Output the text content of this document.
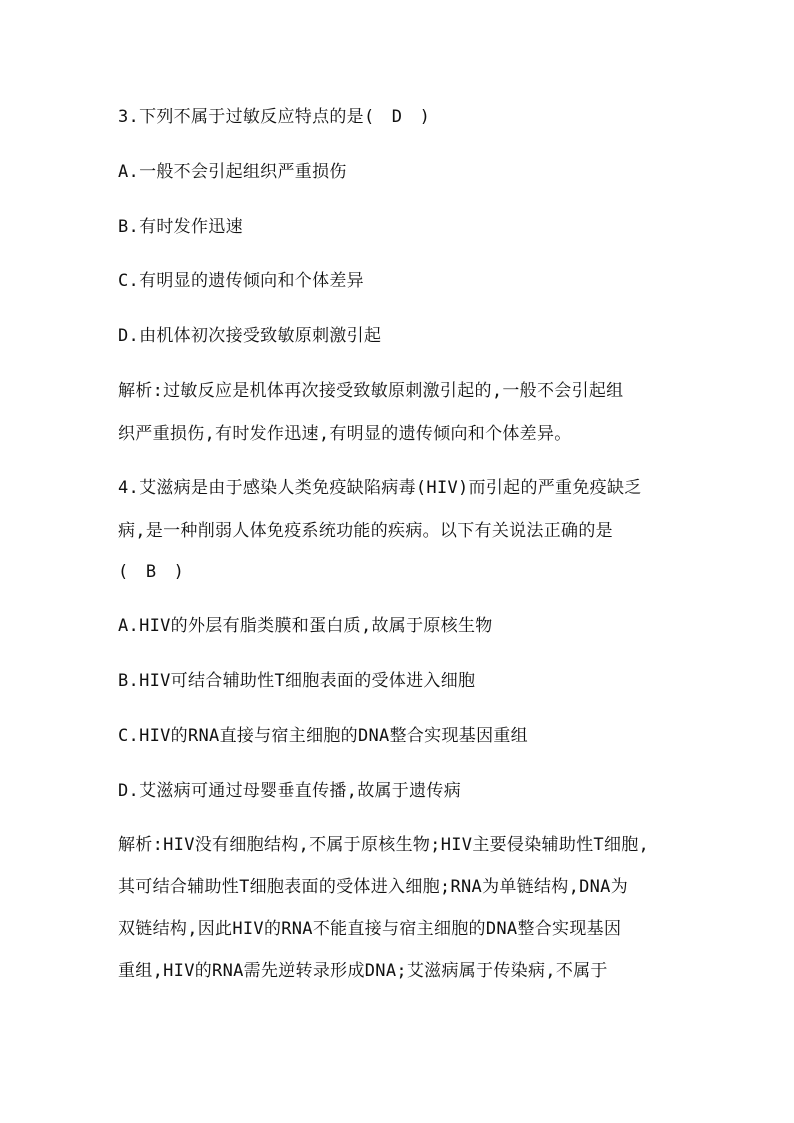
3.下列不属于过敏反应特点的是(　D　)
A.一般不会引起组织严重损伤
B.有时发作迅速
C.有明显的遗传倾向和个体差异
D.由机体初次接受致敏原刺激引起
解析:过敏反应是机体再次接受致敏原刺激引起的,一般不会引起组
织严重损伤,有时发作迅速,有明显的遗传倾向和个体差异。
4.艾滋病是由于感染人类免疫缺陷病毒(HIV)而引起的严重免疫缺乏
病,是一种削弱人体免疫系统功能的疾病。以下有关说法正确的是
(　B　)
A.HIV的外层有脂类膜和蛋白质,故属于原核生物
B.HIV可结合辅助性T细胞表面的受体进入细胞
C.HIV的RNA直接与宿主细胞的DNA整合实现基因重组
D.艾滋病可通过母婴垂直传播,故属于遗传病
解析:HIV没有细胞结构,不属于原核生物;HIV主要侵染辅助性T细胞,
其可结合辅助性T细胞表面的受体进入细胞;RNA为单链结构,DNA为
双链结构,因此HIV的RNA不能直接与宿主细胞的DNA整合实现基因
重组,HIV的RNA需先逆转录形成DNA;艾滋病属于传染病,不属于
